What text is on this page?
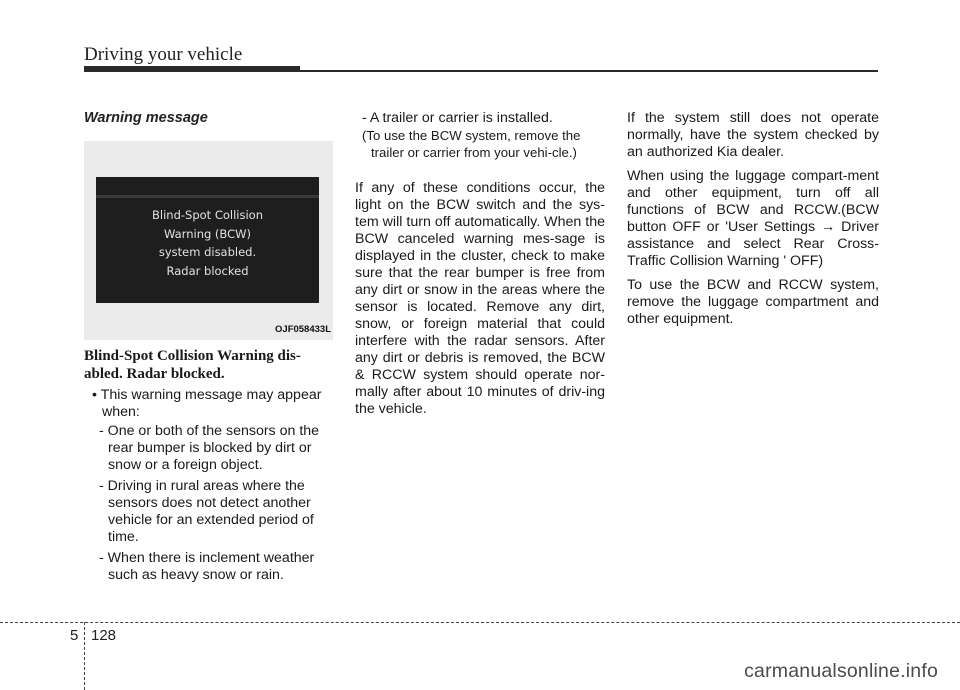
Driving your vehicle

Warning message

Blind-Spot Collision
Warning (BCW)
system disabled.
Radar blocked
OJF058433L

Blind-Spot Collision Warning dis-abled. Radar blocked.

• This warning message may appear when:

- One or both of the sensors on the rear bumper is blocked by dirt or snow or a foreign object.

- Driving in rural areas where the sensors does not detect another vehicle for an extended period of time.

- When there is inclement weather such as heavy snow or rain.

- A trailer or carrier is installed.
(To use the BCW system, remove the trailer or carrier from your vehi-cle.)

If any of these conditions occur, the light on the BCW switch and the sys-tem will turn off automatically. When the BCW canceled warning mes-sage is displayed in the cluster, check to make sure that the rear bumper is free from any dirt or snow in the areas where the sensor is located. Remove any dirt, snow, or foreign material that could interfere with the radar sensors. After any dirt or debris is removed, the BCW & RCCW system should operate nor-mally after about 10 minutes of driv-ing the vehicle.

If the system still does not operate normally, have the system checked by an authorized Kia dealer.

When using the luggage compart-ment and other equipment, turn off all functions of BCW and RCCW.(BCW button OFF or 'User Settings → Driver assistance and select Rear Cross-Traffic Collision Warning ' OFF)

To use the BCW and RCCW system, remove the luggage compartment and other equipment.

5 128
carmanualsonline.info
